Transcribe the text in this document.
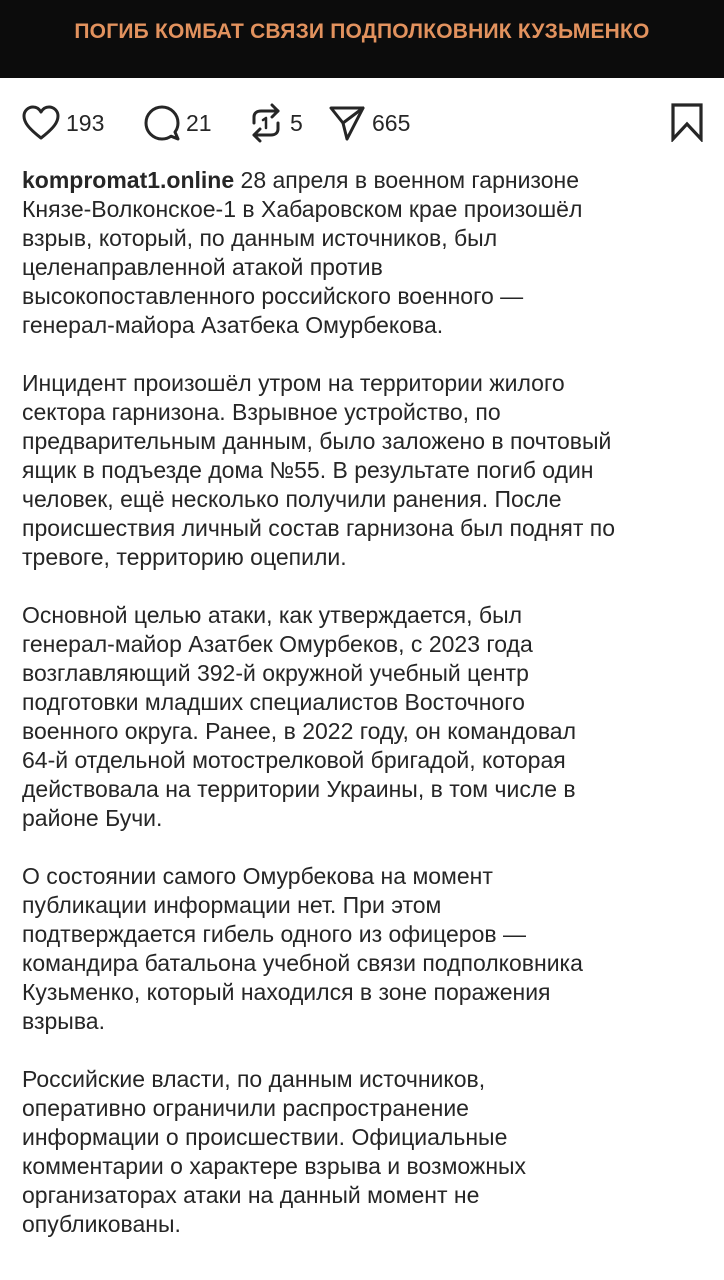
ПОГИБ КОМБАТ СВЯЗИ ПОДПОЛКОВНИК КУЗЬМЕНКО
193	21	5	665

kompromat1.online 28 апреля в военном гарнизоне
Князе-Волконское-1 в Хабаровском крае произошёл
взрыв, который, по данным источников, был
целенаправленной атакой против
высокопоставленного российского военного —
генерал-майора Азатбека Омурбекова.

Инцидент произошёл утром на территории жилого
сектора гарнизона. Взрывное устройство, по
предварительным данным, было заложено в почтовый
ящик в подъезде дома №55. В результате погиб один
человек, ещё несколько получили ранения. После
происшествия личный состав гарнизона был поднят по
тревоге, территорию оцепили.

Основной целью атаки, как утверждается, был
генерал-майор Азатбек Омурбеков, с 2023 года
возглавляющий 392-й окружной учебный центр
подготовки младших специалистов Восточного
военного округа. Ранее, в 2022 году, он командовал
64-й отдельной мотострелковой бригадой, которая
действовала на территории Украины, в том числе в
районе Бучи.

О состоянии самого Омурбекова на момент
публикации информации нет. При этом
подтверждается гибель одного из офицеров —
командира батальона учебной связи подполковника
Кузьменко, который находился в зоне поражения
взрыва.

Российские власти, по данным источников,
оперативно ограничили распространение
информации о происшествии. Официальные
комментарии о характере взрыва и возможных
организаторах атаки на данный момент не
опубликованы.
